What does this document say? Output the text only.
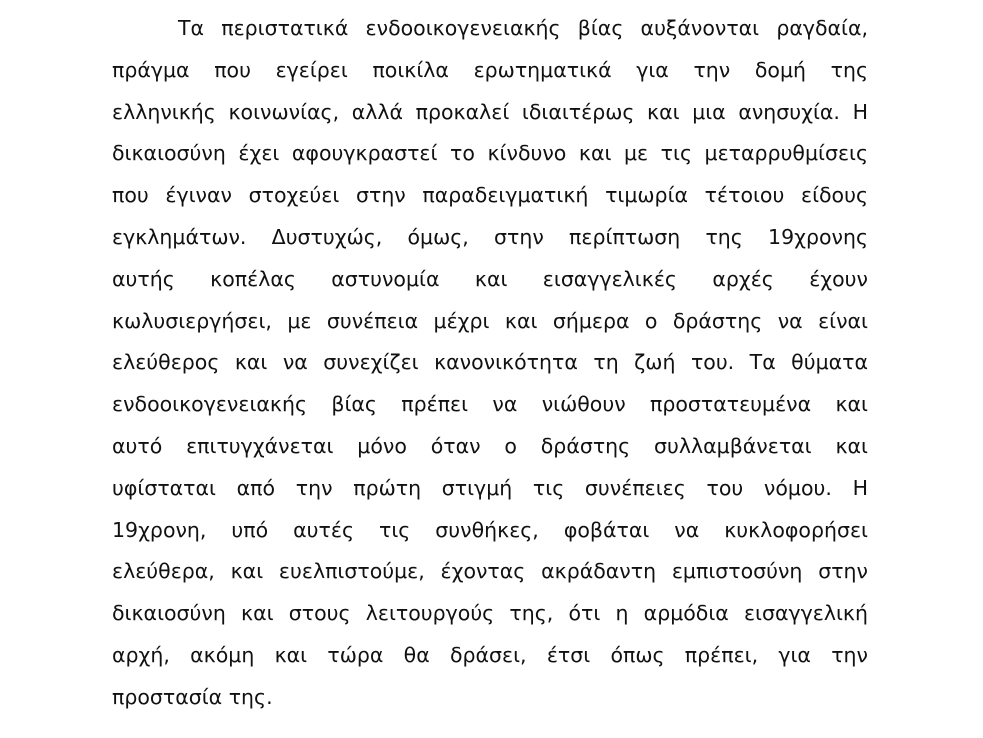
Τα περιστατικά ενδοοικογενειακής βίας αυξάνονται ραγδαία,
πράγμα που εγείρει ποικίλα ερωτηματικά για την δομή της
ελληνικής κοινωνίας, αλλά προκαλεί ιδιαιτέρως και μια ανησυχία. Η
δικαιοσύνη έχει αφουγκραστεί το κίνδυνο και με τις μεταρρυθμίσεις
που έγιναν στοχεύει στην παραδειγματική τιμωρία τέτοιου είδους
εγκλημάτων. Δυστυχώς, όμως, στην περίπτωση της 19χρονης
αυτής κοπέλας αστυνομία και εισαγγελικές αρχές έχουν
κωλυσιεργήσει, με συνέπεια μέχρι και σήμερα ο δράστης να είναι
ελεύθερος και να συνεχίζει κανονικότητα τη ζωή του. Τα θύματα
ενδοοικογενειακής βίας πρέπει να νιώθουν προστατευμένα και
αυτό επιτυγχάνεται μόνο όταν ο δράστης συλλαμβάνεται και
υφίσταται από την πρώτη στιγμή τις συνέπειες του νόμου. Η
19χρονη, υπό αυτές τις συνθήκες, φοβάται να κυκλοφορήσει
ελεύθερα, και ευελπιστούμε, έχοντας ακράδαντη εμπιστοσύνη στην
δικαιοσύνη και στους λειτουργούς της, ότι η αρμόδια εισαγγελική
αρχή, ακόμη και τώρα θα δράσει, έτσι όπως πρέπει, για την
προστασία της.
